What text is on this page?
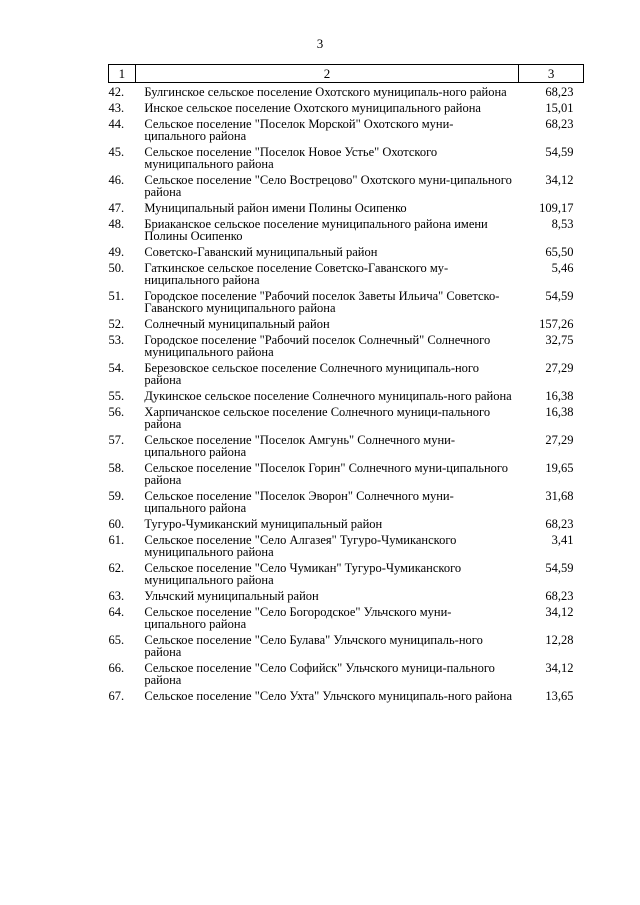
3
1	2	3
42.	Булгинское сельское поселение Охотского муниципаль-ного района	68,23
43.	Инское сельское поселение Охотского муниципального района	15,01
44.	Сельское поселение "Поселок Морской" Охотского муни-ципального района	68,23
45.	Сельское поселение "Поселок Новое Устье" Охотского муниципального района	54,59
46.	Сельское поселение "Село Вострецово" Охотского муни-ципального района	34,12
47.	Муниципальный район имени Полины Осипенко	109,17
48.	Бриаканское сельское поселение муниципального района имени Полины Осипенко	8,53
49.	Советско-Гаванский муниципальный район	65,50
50.	Гаткинское сельское поселение Советско-Гаванского му-ниципального района	5,46
51.	Городское поселение "Рабочий поселок Заветы Ильича" Советско-Гаванского муниципального района	54,59
52.	Солнечный муниципальный район	157,26
53.	Городское поселение "Рабочий поселок Солнечный" Солнечного муниципального района	32,75
54.	Березовское сельское поселение Солнечного муниципаль-ного района	27,29
55.	Дукинское сельское поселение Солнечного муниципаль-ного района	16,38
56.	Харпичанское сельское поселение Солнечного муници-пального района	16,38
57.	Сельское поселение "Поселок Амгунь" Солнечного муни-ципального района	27,29
58.	Сельское поселение "Поселок Горин" Солнечного муни-ципального района	19,65
59.	Сельское поселение "Поселок Эворон" Солнечного муни-ципального района	31,68
60.	Тугуро-Чумиканский муниципальный район	68,23
61.	Сельское поселение "Село Алгазея" Тугуро-Чумиканского муниципального района	3,41
62.	Сельское поселение "Село Чумикан" Тугуро-Чумиканского муниципального района	54,59
63.	Ульчский муниципальный район	68,23
64.	Сельское поселение "Село Богородское" Ульчского муни-ципального района	34,12
65.	Сельское поселение "Село Булава" Ульчского муниципаль-ного района	12,28
66.	Сельское поселение "Село Софийск" Ульчского муници-пального района	34,12
67.	Сельское поселение "Село Ухта" Ульчского муниципаль-ного района	13,65
